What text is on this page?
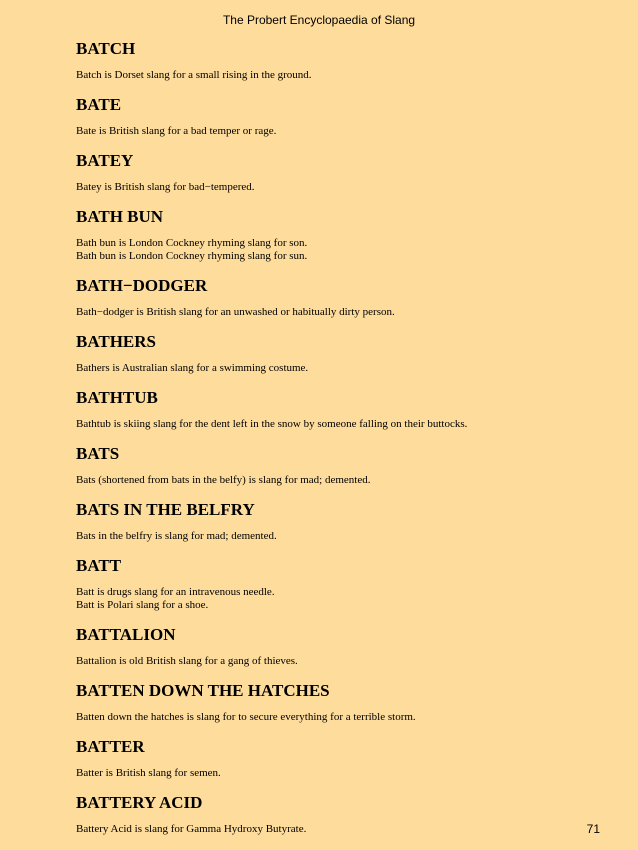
The Probert Encyclopaedia of Slang
BATCH

Batch is Dorset slang for a small rising in the ground.

BATE

Bate is British slang for a bad temper or rage.

BATEY

Batey is British slang for bad−tempered.

BATH BUN

Bath bun is London Cockney rhyming slang for son.

Bath bun is London Cockney rhyming slang for sun.

BATH−DODGER

Bath−dodger is British slang for an unwashed or habitually dirty person.

BATHERS

Bathers is Australian slang for a swimming costume.

BATHTUB

Bathtub is skiing slang for the dent left in the snow by someone falling on their buttocks.

BATS

Bats (shortened from bats in the belfy) is slang for mad; demented.

BATS IN THE BELFRY

Bats in the belfry is slang for mad; demented.

BATT

Batt is drugs slang for an intravenous needle.

Batt is Polari slang for a shoe.

BATTALION

Battalion is old British slang for a gang of thieves.

BATTEN DOWN THE HATCHES

Batten down the hatches is slang for to secure everything for a terrible storm.

BATTER

Batter is British slang for semen.

BATTERY ACID

Battery Acid is slang for Gamma Hydroxy Butyrate.	71
